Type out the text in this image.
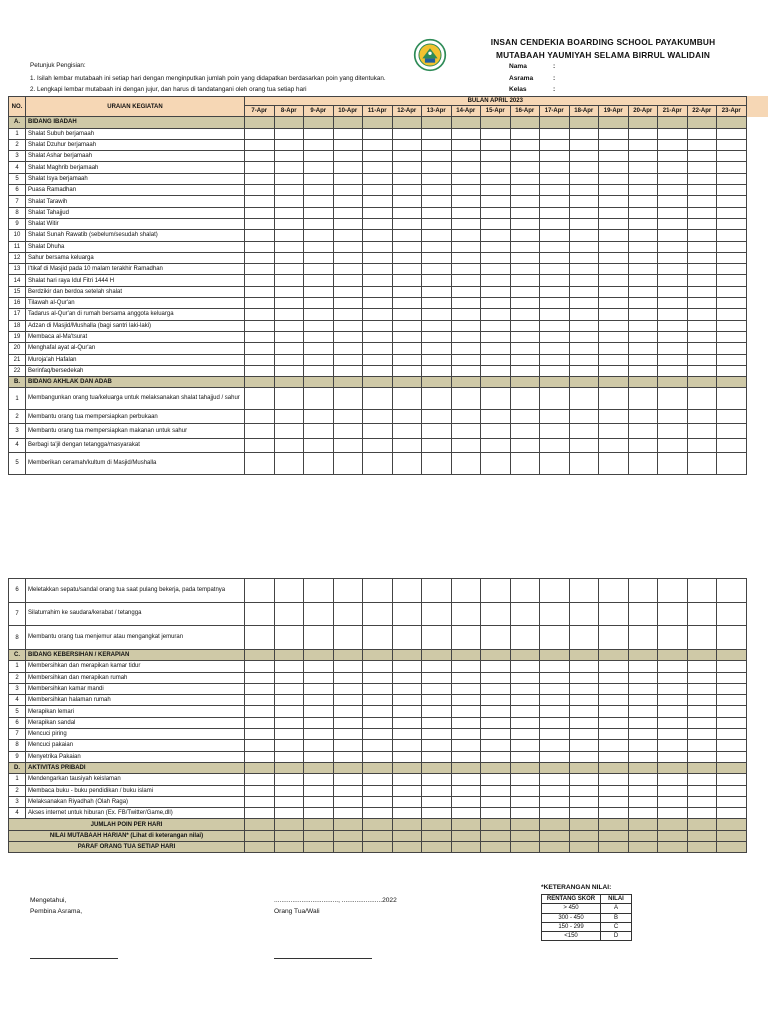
INSAN CENDEKIA BOARDING SCHOOL PAYAKUMBUH
MUTABAAH YAUMIYAH SELAMA BIRRUL WALIDAIN
Petunjuk Pengisian:
1. Isilah lembar mutabaah ini setiap hari dengan menginputkan jumlah poin yang didapatkan berdasarkan poin yang ditentukan.
2. Lengkapi lembar mutabaah ini dengan jujur, dan harus di tandatangani oleh orang tua setiap hari
Nama	:
Asrama	:
Kelas	:
NO.	URAIAN KEGIATAN	BULAN APRIL 2023																
		7-Apr	8-Apr	9-Apr	10-Apr	11-Apr	12-Apr	13-Apr	14-Apr	15-Apr	16-Apr	17-Apr	18-Apr	19-Apr	20-Apr	21-Apr	22-Apr	23-Apr
A.	BIDANG IBADAH																	
1	Shalat Subuh berjamaah																	
2	Shalat Dzuhur berjamaah																	
3	Shalat Ashar berjamaah																	
4	Shalat Maghrib berjamaah																	
5	Shalat Isya berjamaah																	
6	Puasa Ramadhan																	
7	Shalat Tarawih																	
8	Shalat Tahajjud																	
9	Shalat Witir																	
10	Shalat Sunah Rawatib (sebelum/sesudah shalat)																	
11	Shalat Dhuha																	
12	Sahur bersama keluarga																	
13	I'tikaf di Masjid pada 10 malam terakhir Ramadhan																	
14	Shalat hari raya Idul Fitri 1444 H																	
15	Berdzikir dan berdoa setelah shalat																	
16	Tilawah al-Qur'an																	
17	Tadarus al-Qur'an di rumah bersama anggota keluarga																	
18	Adzan di Masjid/Mushalla (bagi santri laki-laki)																	
19	Membaca al-Ma'tsurat																	
20	Menghafal ayat al-Qur'an																	
21	Muroja'ah Hafalan																	
22	Berinfaq/bersedekah																	
B.	BIDANG AKHLAK DAN ADAB																	
1	Membangunkan orang tua/keluarga untuk melaksanakan shalat tahajjud / sahur																	
2	Membantu orang tua mempersiapkan perbukaan																	
3	Membantu orang tua mempersiapkan makanan untuk sahur																	
4	Berbagi ta'jil dengan tetangga/masyarakat																	
5	Memberikan ceramah/kultum di Masjid/Mushalla																	
6	Meletakkan sepatu/sandal orang tua saat pulang bekerja, pada tempatnya																	
7	Silaturrahim ke saudara/kerabat / tetangga																	
8	Membantu orang tua menjemur atau mengangkat jemuran																	
C.	BIDANG KEBERSIHAN / KERAPIAN																	
1	Membersihkan dan merapikan kamar tidur																	
2	Membersihkan dan merapikan rumah																	
3	Membersihkan kamar mandi																	
4	Membersihkan halaman rumah																	
5	Merapikan lemari																	
6	Merapikan sandal																	
7	Mencuci piring																	
8	Mencuci pakaian																	
9	Menyetrika Pakaian																	
D.	AKTIVITAS PRIBADI																	
1	Mendengarkan tausiyah keislaman																	
2	Membaca buku - buku pendidikan / buku islami																	
3	Melaksanakan Riyadhah (Olah Raga)																	
4	Akses internet untuk hiburan (Ex. FB/Twitter/Game,dll)																	
JUMLAH POIN PER HARI																		
NILAI MUTABAAH HARIAN* (Lihat di keterangan nilai)																		
PARAF ORANG TUA SETIAP HARI																		
Mengetahui,
Pembina Asrama,
..................................., ......................2022
Orang Tua/Wali
*KETERANGAN NILAI:
RENTANG SKOR	NILAI
> 450	A
300 - 450	B
150 - 299	C
<150	D
